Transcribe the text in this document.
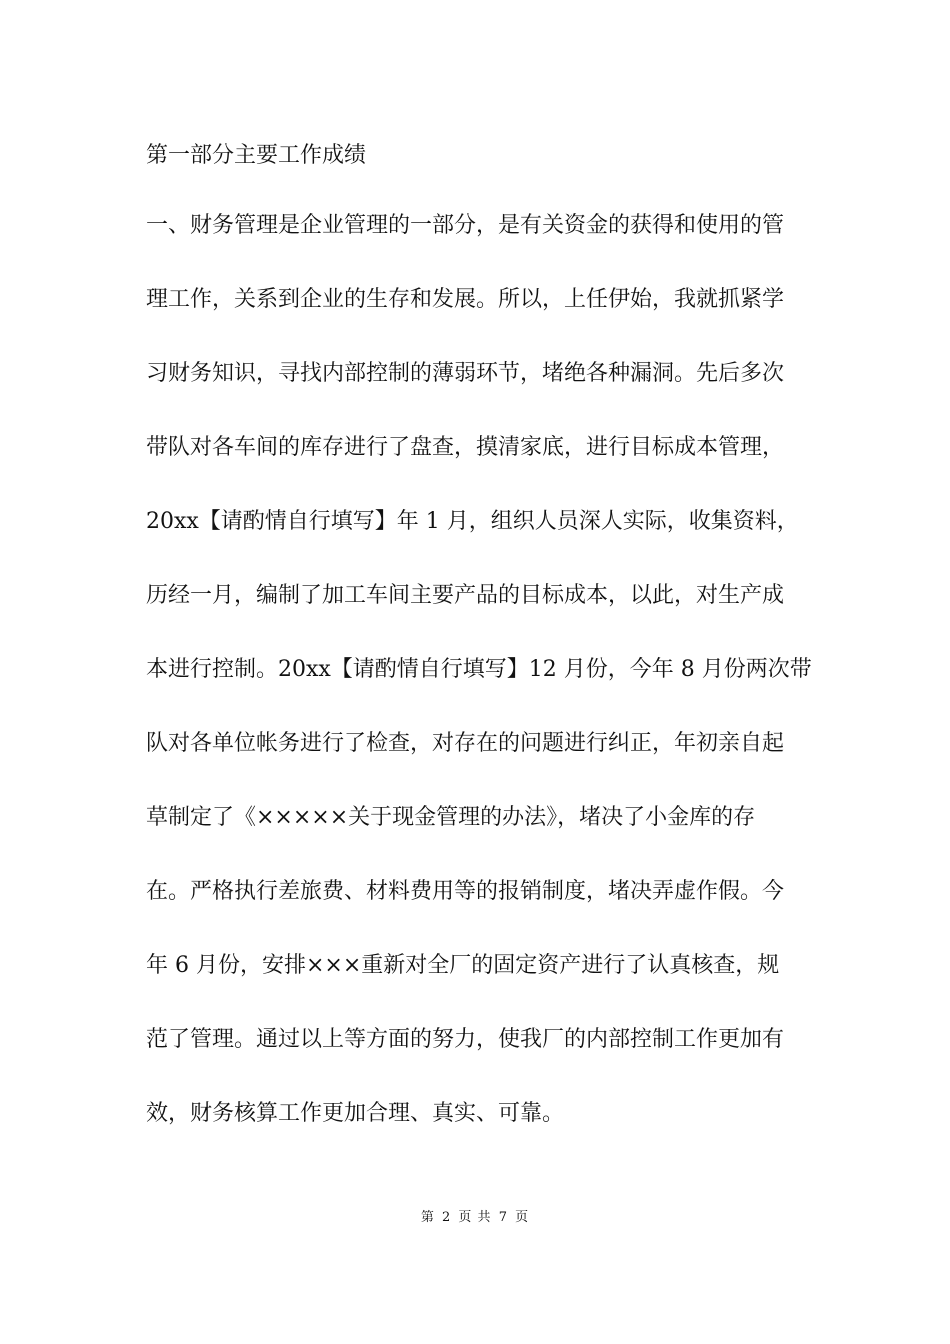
第一部分主要工作成绩
一、财务管理是企业管理的一部分，是有关资金的获得和使用的管
理工作，关系到企业的生存和发展。所以，上任伊始，我就抓紧学
习财务知识，寻找内部控制的薄弱环节，堵绝各种漏洞。先后多次
带队对各车间的库存进行了盘查，摸清家底，进行目标成本管理，
20xx【请酌情自行填写】年 1 月，组织人员深人实际，收集资料，
历经一月，编制了加工车间主要产品的目标成本，以此，对生产成
本进行控制。20xx【请酌情自行填写】12 月份，今年 8 月份两次带
队对各单位帐务进行了检查，对存在的问题进行纠正，年初亲自起
草制定了《×××××关于现金管理的办法》，堵决了小金库的存
在。严格执行差旅费、材料费用等的报销制度，堵决弄虚作假。今
年 6 月份，安排×××重新对全厂的固定资产进行了认真核查，规
范了管理。通过以上等方面的努力，使我厂的内部控制工作更加有
效，财务核算工作更加合理、真实、可靠。
第 2 页 共 7 页
